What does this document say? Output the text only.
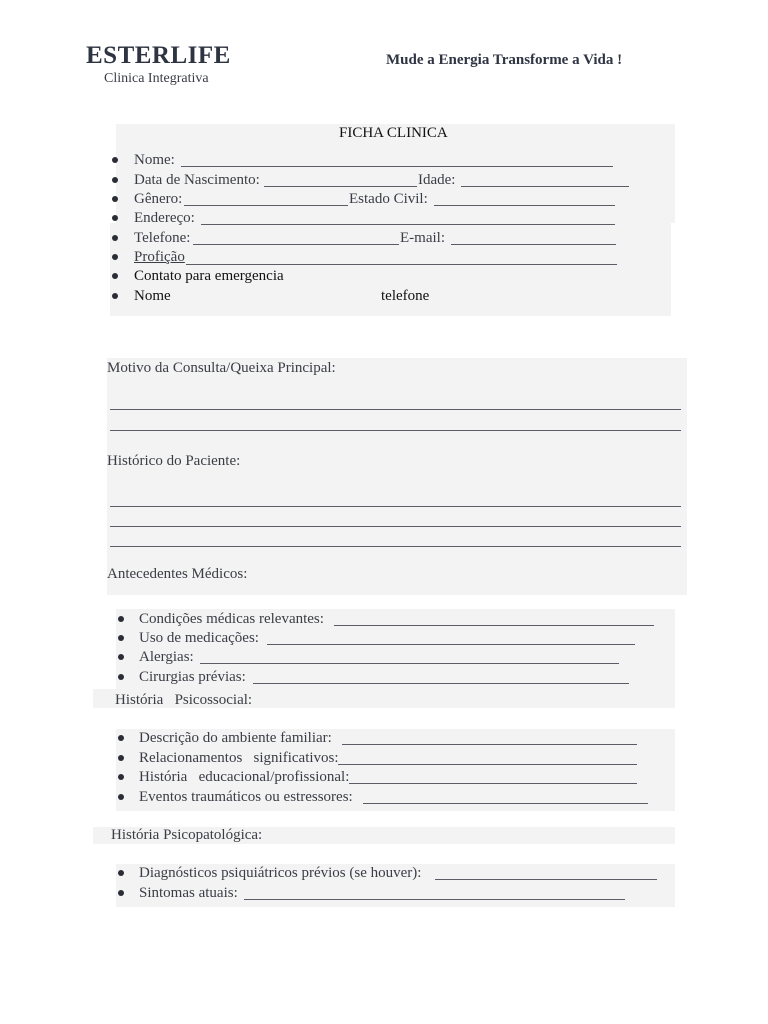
ESTERLIFE
Clinica Integrativa
Mude a Energia Transforme a Vida !
FICHA CLINICA
Nome:
Data de Nascimento:	Idade:
Gênero:	Estado Civil:
Endereço:
Telefone:	E-mail:
Profição
Contato para emergencia
Nome	telefone
Motivo da Consulta/Queixa Principal:
Histórico do Paciente:
Antecedentes Médicos:
Condições médicas relevantes:
Uso de medicações:
Alergias:
Cirurgias prévias:
História   Psicossocial:
Descrição do ambiente familiar:
Relacionamentos   significativos:
História   educacional/profissional:
Eventos traumáticos ou estressores:
História Psicopatológica:
Diagnósticos psiquiátricos prévios (se houver):
Sintomas atuais:
